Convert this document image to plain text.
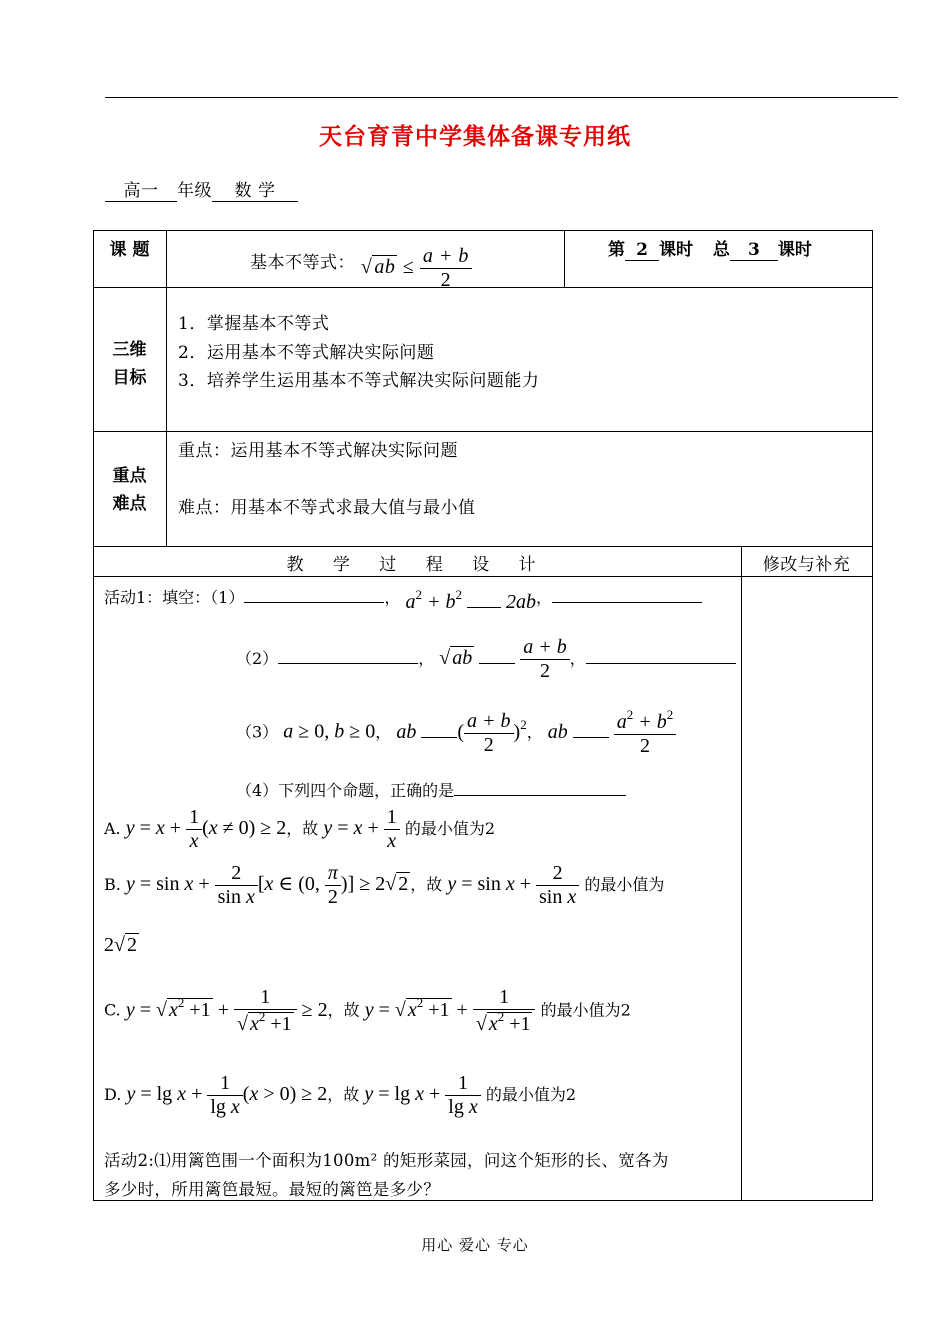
天台育青中学集体备课专用纸
高一 年级 数 学
课 题
基本不等式： √ ab ≤ $\frac{a + b}{2}$	第 2 课时 总 3 课时
三维
目标
1．掌握基本不等式
2．运用基本不等式解决实际问题
3．培养学生运用基本不等式解决实际问题能力
重点
难点
重点：运用基本不等式解决实际问题
难点：用基本不等式求最大值与最小值
教 学 过 程 设 计	修改与补充
活动1：填空：（1）	， $a^2 + b^2$  2ab，
（2）	， √ ab $\frac{a + b}{2}$ ，
（3） a ≥ 0, b ≥ 0， ab ( $\frac{a + b}{2} )^2$， ab $\frac{a^2 + b^2}{2}$
（4）下列四个命题，正确的是
A. $y = x + \frac{1}{x} (x \ne 0) \ge 2$，故 $y = x + \frac{1}{x}$ 的最小值为2
B. $y = \sin x + \frac{2}{\text{sin x}} [x$ ∈ (0, $\frac{\pi}{2}$ )] ≥ 2√ 2 ，故 $y = \sin x + \frac{2}{\text{sin x}}$ 的最小值为
2√ 2
C. y = √ $x^2 +1 + \frac{1}{√ x^2 +1} \ge 2$，故 y = √ $x^2 +1 + \frac{1}{√ x^2 +1}$ 的最小值为2
D. $y = \lg x + \frac{1}{\text{lg x}} (x > 0) \ge 2$，故 $y = \lg x + \frac{1}{\text{lg x}}$ 的最小值为2
活动2:⑴用篱笆围一个面积为100m² 的矩形菜园，问这个矩形的长、宽各为
多少时，所用篱笆最短。最短的篱笆是多少？
用心 爱心 专心
